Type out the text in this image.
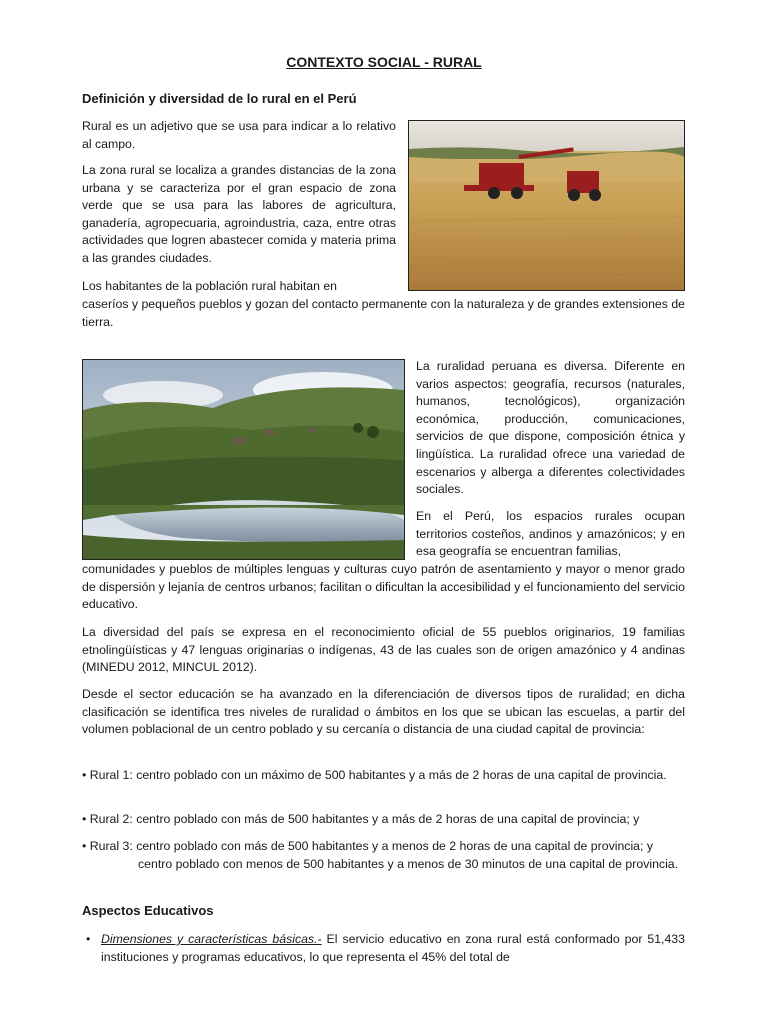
CONTEXTO SOCIAL - RURAL
Definición y diversidad de lo rural en el Perú

Rural es un adjetivo que se usa para indicar a lo relativo al campo.

La zona rural se localiza a grandes distancias de la zona urbana y se caracteriza por el gran espacio de zona verde que se usa para las labores de agricultura, ganadería, agropecuaria, agroindustria, caza, entre otras actividades que logren abastecer comida y materia prima a las grandes ciudades.

Los habitantes de la población rural habitan en

caseríos y pequeños pueblos y gozan del contacto permanente con la naturaleza y de grandes extensiones de tierra.

La ruralidad peruana es diversa. Diferente en varios aspectos: geografía, recursos (naturales, humanos, tecnológicos), organización económica, producción, comunicaciones, servicios de que dispone, composición étnica y lingüística. La ruralidad ofrece una variedad de escenarios y alberga a diferentes colectividades sociales.

En el Perú, los espacios rurales ocupan territorios costeños, andinos y amazónicos; y en esa geografía se encuentran familias,

comunidades y pueblos de múltiples lenguas y culturas cuyo patrón de asentamiento y mayor o menor grado de dispersión y lejanía de centros urbanos; facilitan o dificultan la accesibilidad y el funcionamiento del servicio educativo.

La diversidad del país se expresa en el reconocimiento oficial de 55 pueblos originarios, 19 familias etnolingüísticas y 47 lenguas originarias o indígenas, 43 de las cuales son de origen amazónico y 4 andinas (MINEDU 2012, MINCUL 2012).

Desde el sector educación se ha avanzado en la diferenciación de diversos tipos de ruralidad; en dicha clasificación se identifica tres niveles de ruralidad o ámbitos en los que se ubican las escuelas, a partir del volumen poblacional de un centro poblado y su cercanía o distancia de una ciudad capital de provincia:

• Rural 1: centro poblado con un máximo de 500 habitantes y a más de 2 horas de una capital de provincia.

• Rural 2: centro poblado con más de 500 habitantes y a más de 2 horas de una capital de provincia; y

• Rural 3: centro poblado con más de 500 habitantes y a menos de 2 horas de una capital de provincia; y

centro poblado con menos de 500 habitantes y a menos de 30 minutos de una capital de provincia.

Aspectos Educativos
• Dimensiones y características básicas.- El servicio educativo en zona rural está conformado por 51,433 instituciones y programas educativos, lo que representa el 45% del total de
